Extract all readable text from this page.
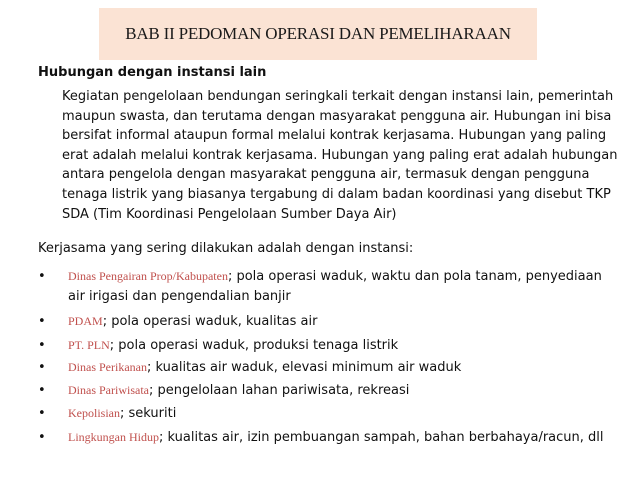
BAB II PEDOMAN OPERASI DAN PEMELIHARAAN
Hubungan dengan instansi lain
Kegiatan pengelolaan bendungan seringkali terkait dengan instansi lain, pemerintah maupun swasta, dan terutama dengan masyarakat pengguna air. Hubungan ini bisa bersifat informal ataupun formal melalui kontrak kerjasama. Hubungan yang paling erat adalah melalui kontrak kerjasama. Hubungan yang paling erat adalah hubungan antara pengelola dengan masyarakat pengguna air, termasuk dengan pengguna tenaga listrik yang biasanya tergabung di dalam badan koordinasi yang disebut TKP SDA (Tim Koordinasi Pengelolaan Sumber Daya Air)
Kerjasama yang sering dilakukan adalah dengan instansi:
• Dinas Pengairan Prop/Kabupaten; pola operasi waduk, waktu dan pola tanam, penyediaan air irigasi dan pengendalian banjir
• PDAM; pola operasi waduk, kualitas air
• PT. PLN; pola operasi waduk, produksi tenaga listrik
• Dinas Perikanan; kualitas air waduk, elevasi minimum air waduk
• Dinas Pariwisata; pengelolaan lahan pariwisata, rekreasi
• Kepolisian; sekuriti
• Lingkungan Hidup; kualitas air, izin pembuangan sampah, bahan berbahaya/racun, dll
